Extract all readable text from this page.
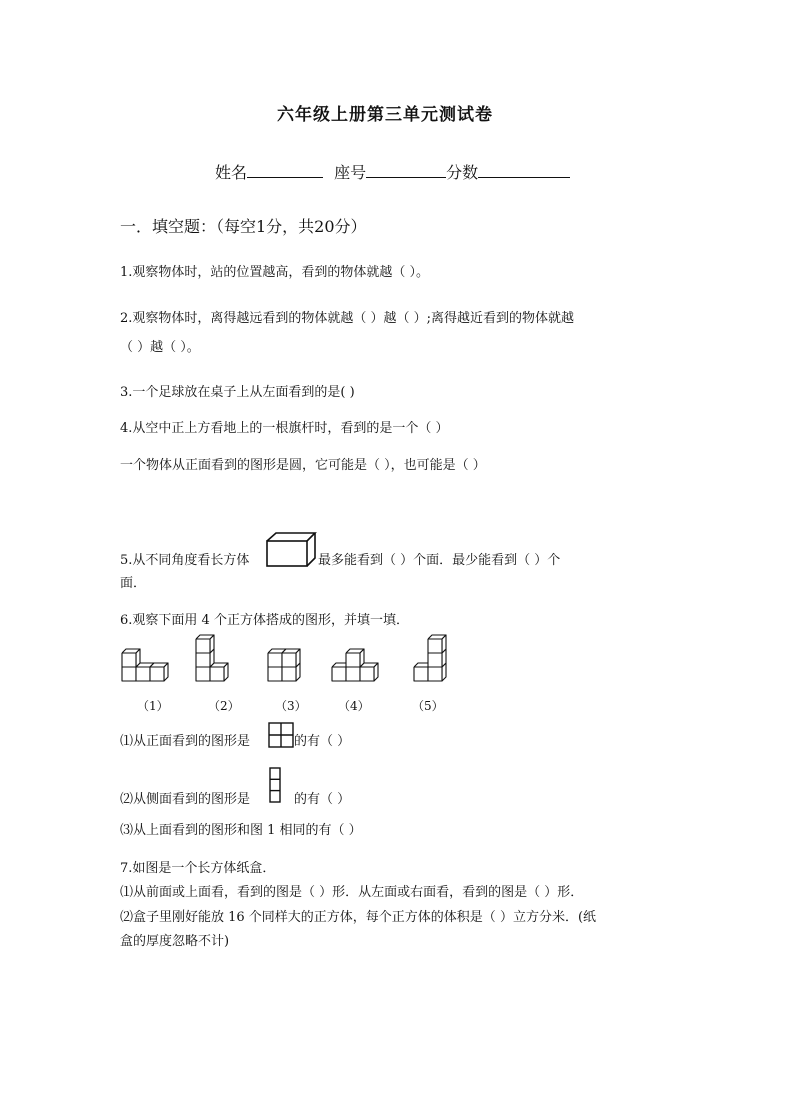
六年级上册第三单元测试卷
姓名	座号	分数
一．填空题：（每空1分，共20分）
1.观察物体时，站的位置越高，看到的物体就越（ ）。
2.观察物体时，离得越远看到的物体就越（ ）越（ ）;离得越近看到的物体就越
（ ）越（ ）。
3.一个足球放在桌子上从左面看到的是( )
4.从空中正上方看地上的一根旗杆时，看到的是一个（ ）
一个物体从正面看到的图形是圆，它可能是（ ），也可能是（ ）
5.从不同角度看长方体	最多能看到（ ）个面．最少能看到（ ）个
面．
6.观察下面用 4 个正方体搭成的图形，并填一填．
（1）	（2）	（3）	（4）	（5）
⑴从正面看到的图形是	的有（ ）
⑵从侧面看到的图形是	的有（ ）
⑶从上面看到的图形和图 1 相同的有（ ）
7.如图是一个长方体纸盒．
⑴从前面或上面看，看到的图是（ ）形．从左面或右面看，看到的图是（ ）形．
⑵盒子里刚好能放 16 个同样大的正方体，每个正方体的体积是（ ）立方分米．(纸
盒的厚度忽略不计)
